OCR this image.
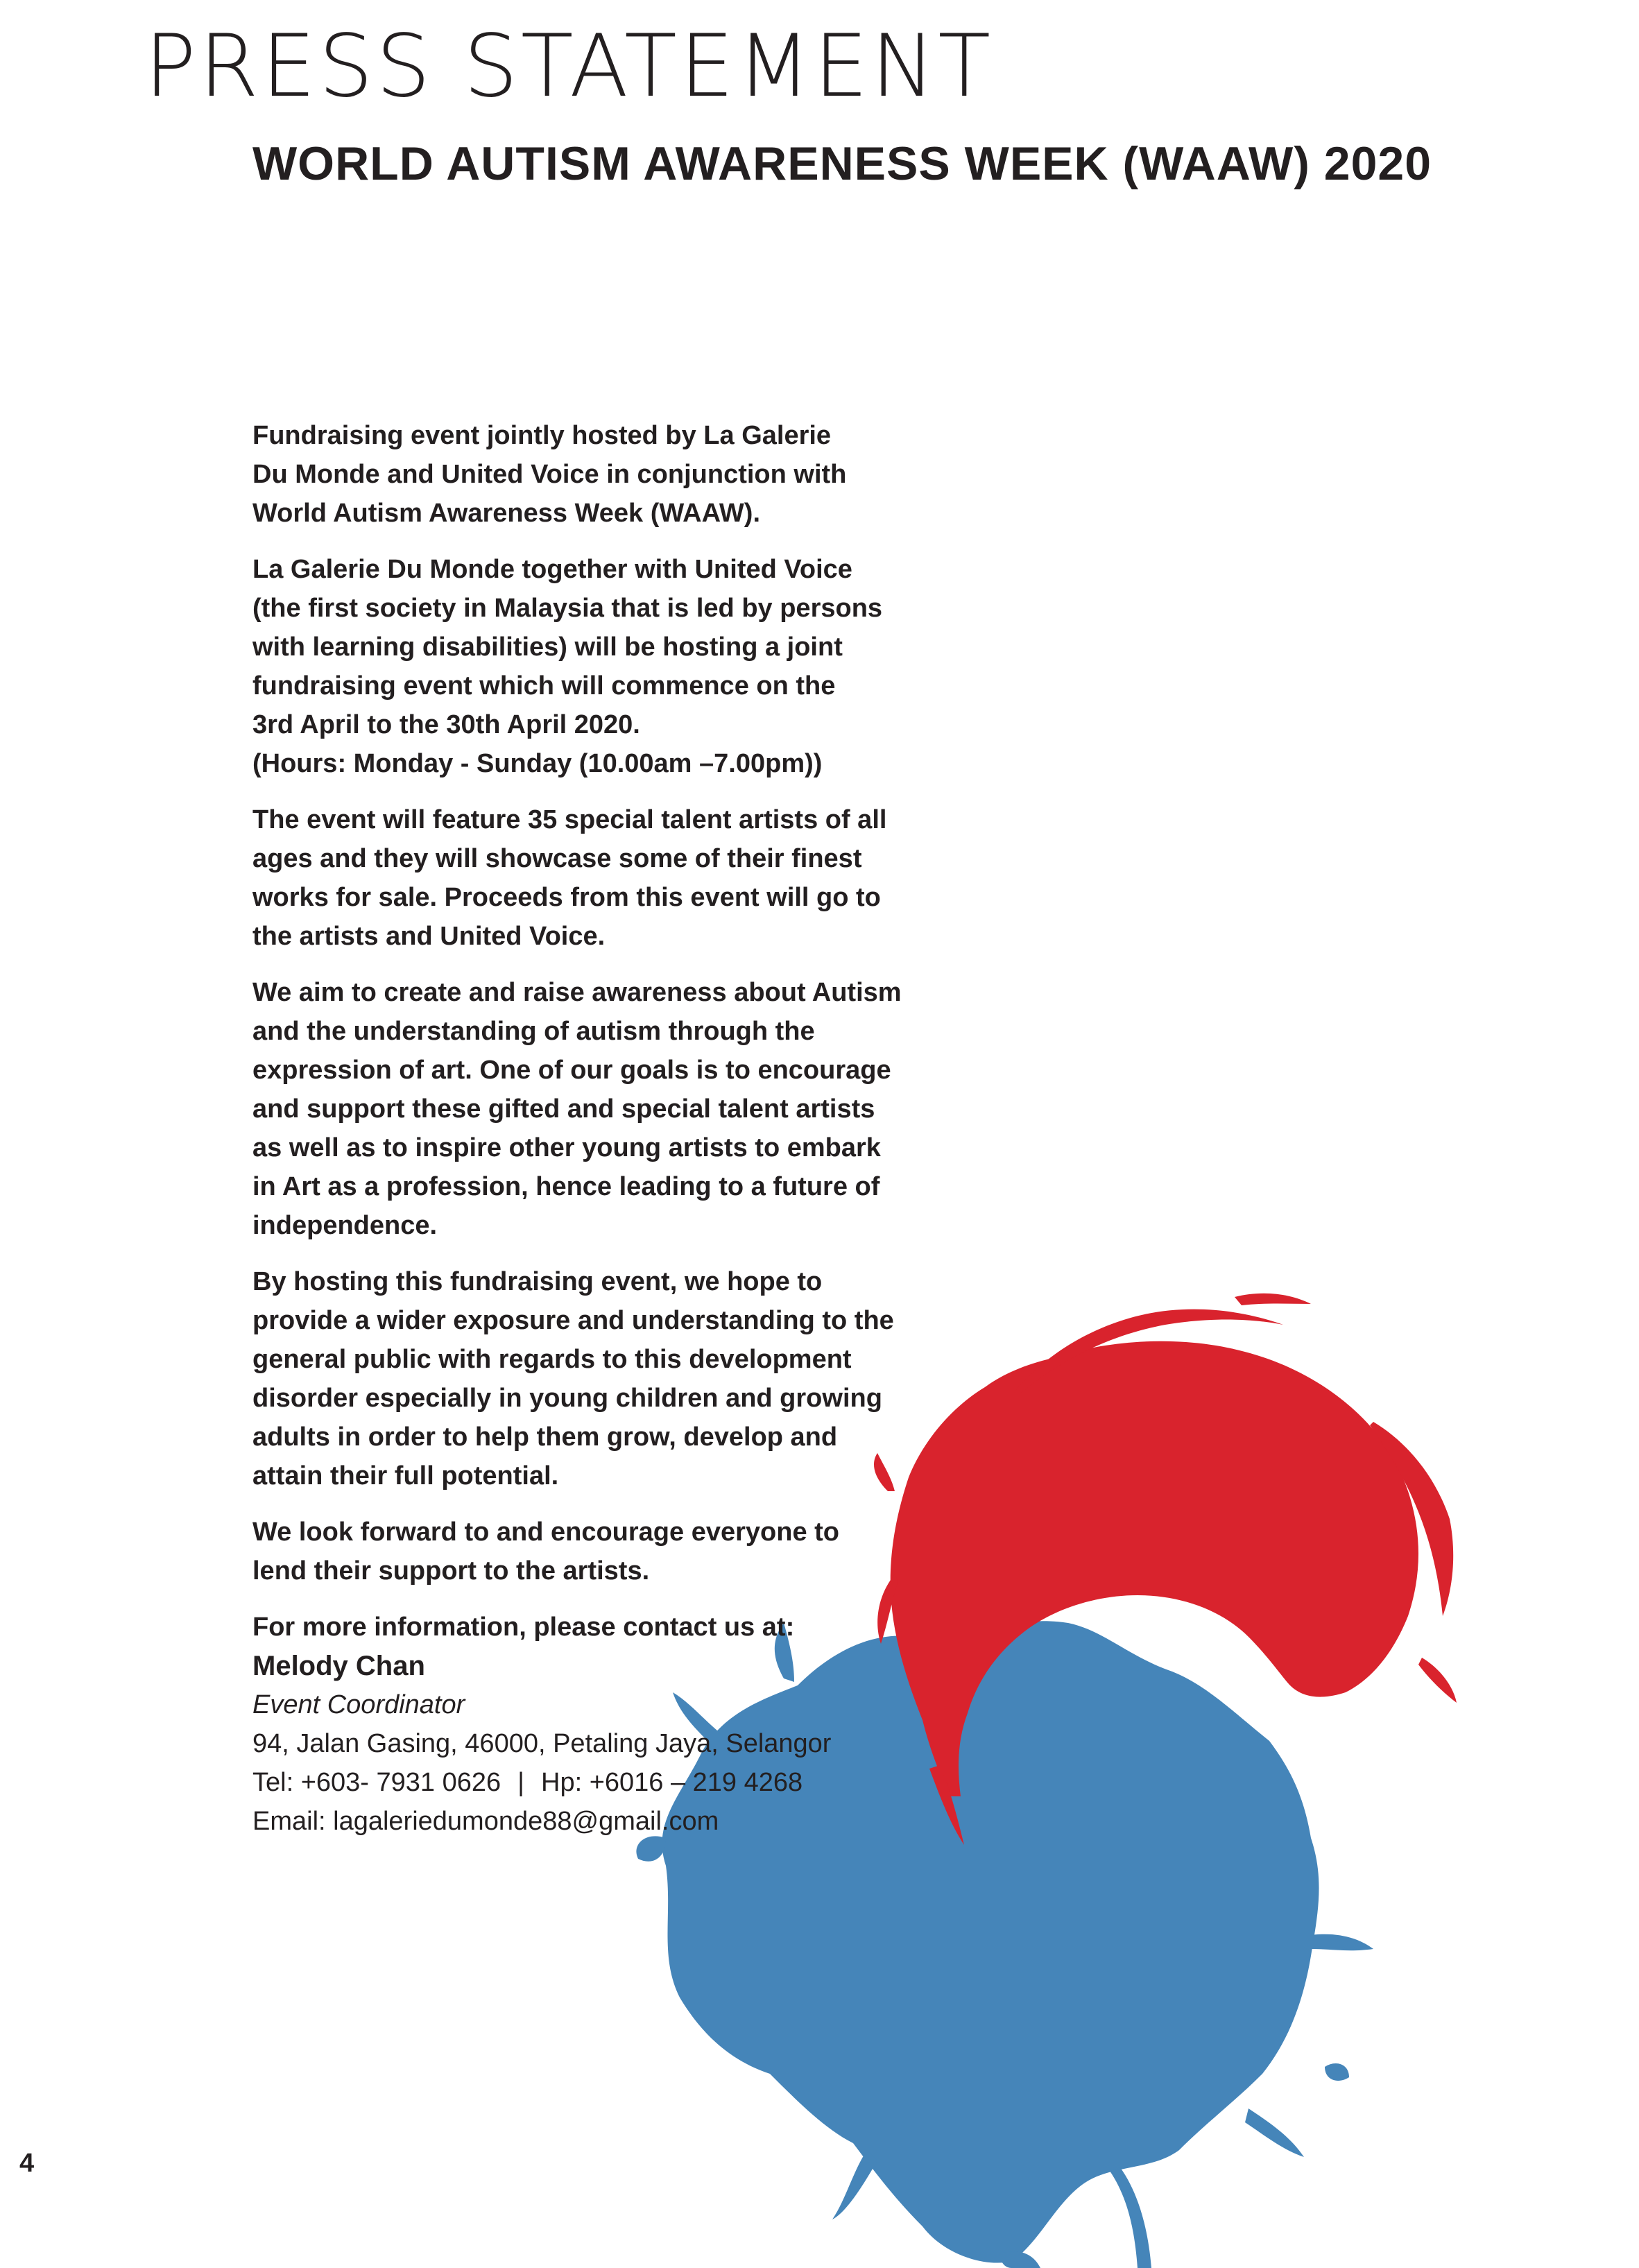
PRESS STATEMENT
WORLD AUTISM AWARENESS WEEK (WAAW) 2020

Fundraising event jointly hosted by La Galerie
Du Monde and United Voice in conjunction with
World Autism Awareness Week (WAAW).

La Galerie Du Monde together with United Voice
(the first society in Malaysia that is led by persons
with learning disabilities) will be hosting a joint
fundraising event which will commence on the
3rd April to the 30th April 2020.
(Hours: Monday - Sunday (10.00am –7.00pm))

The event will feature 35 special talent artists of all
ages and they will showcase some of their finest
works for sale. Proceeds from this event will go to
the artists and United Voice.

We aim to create and raise awareness about Autism
and the understanding of autism through the
expression of art. One of our goals is to encourage
and support these gifted and special talent artists
as well as to inspire other young artists to embark
in Art as a profession, hence leading to a future of
independence.

By hosting this fundraising event, we hope to
provide a wider exposure and understanding to the
general public with regards to this development
disorder especially in young children and growing
adults in order to help them grow, develop and
attain their full potential.

We look forward to and encourage everyone to
lend their support to the artists.

For more information, please contact us at:
Melody Chan
Event Coordinator
94, Jalan Gasing, 46000, Petaling Jaya, Selangor
Tel: +603- 7931 0626 | Hp: +6016 – 219 4268
Email: lagaleriedumonde88@gmail.com
4
